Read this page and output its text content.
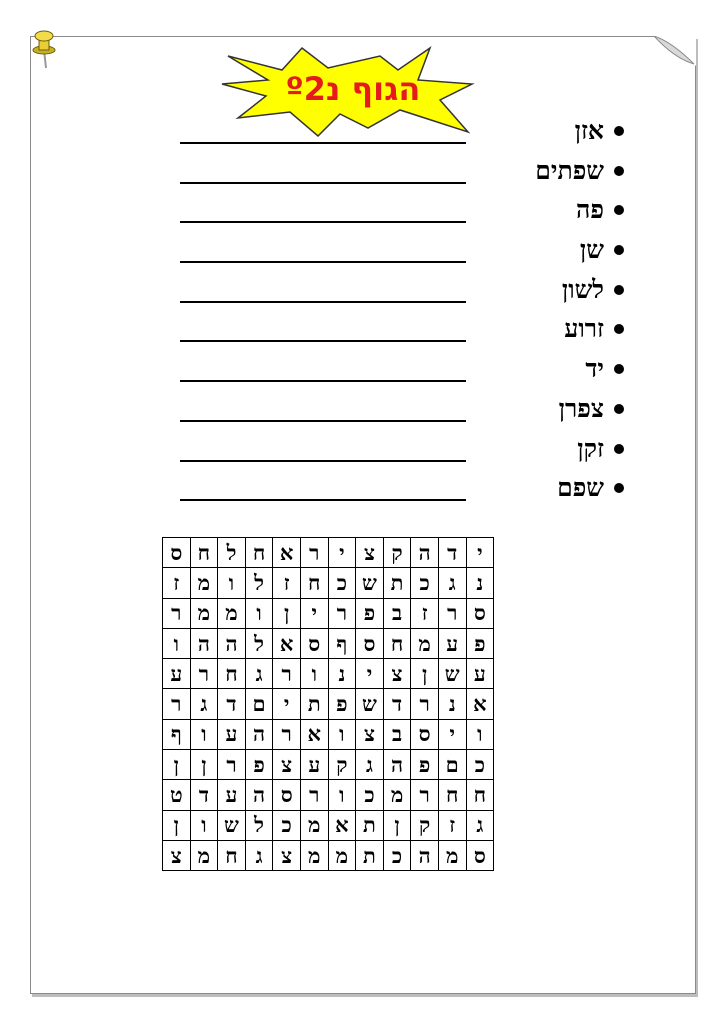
הגוף נº2
אזן
שפתים
פה
שן
לשון
זרוע
יד
צפרן
זקן
שפם
י	ד	ה	ק	צ	י	ר	א	ח	ל	ח	ס
נ	ג	כ	ת	ש	כ	ח	ז	ל	ו	מ	ז
ס	ר	ז	ב	פ	ר	י	ן	ו	מ	מ	ר
פ	ע	מ	ח	ס	ף	ס	א	ל	ה	ה	ו
ע	ש	ן	צ	י	נ	ו	ר	ג	ח	ר	ע
א	נ	ר	ד	ש	פ	ת	י	ם	ד	ג	ר
ו	י	ס	ב	צ	ו	א	ר	ה	ע	ו	ף
כ	ם	פ	ה	ג	ק	ע	צ	פ	ר	ן	ן
ח	ח	ר	מ	כ	ו	ר	ס	ה	ע	ד	ט
ג	ז	ק	ן	ת	א	מ	כ	ל	ש	ו	ן
ס	מ	ה	כ	ת	מ	מ	צ	ג	ח	מ	צ
